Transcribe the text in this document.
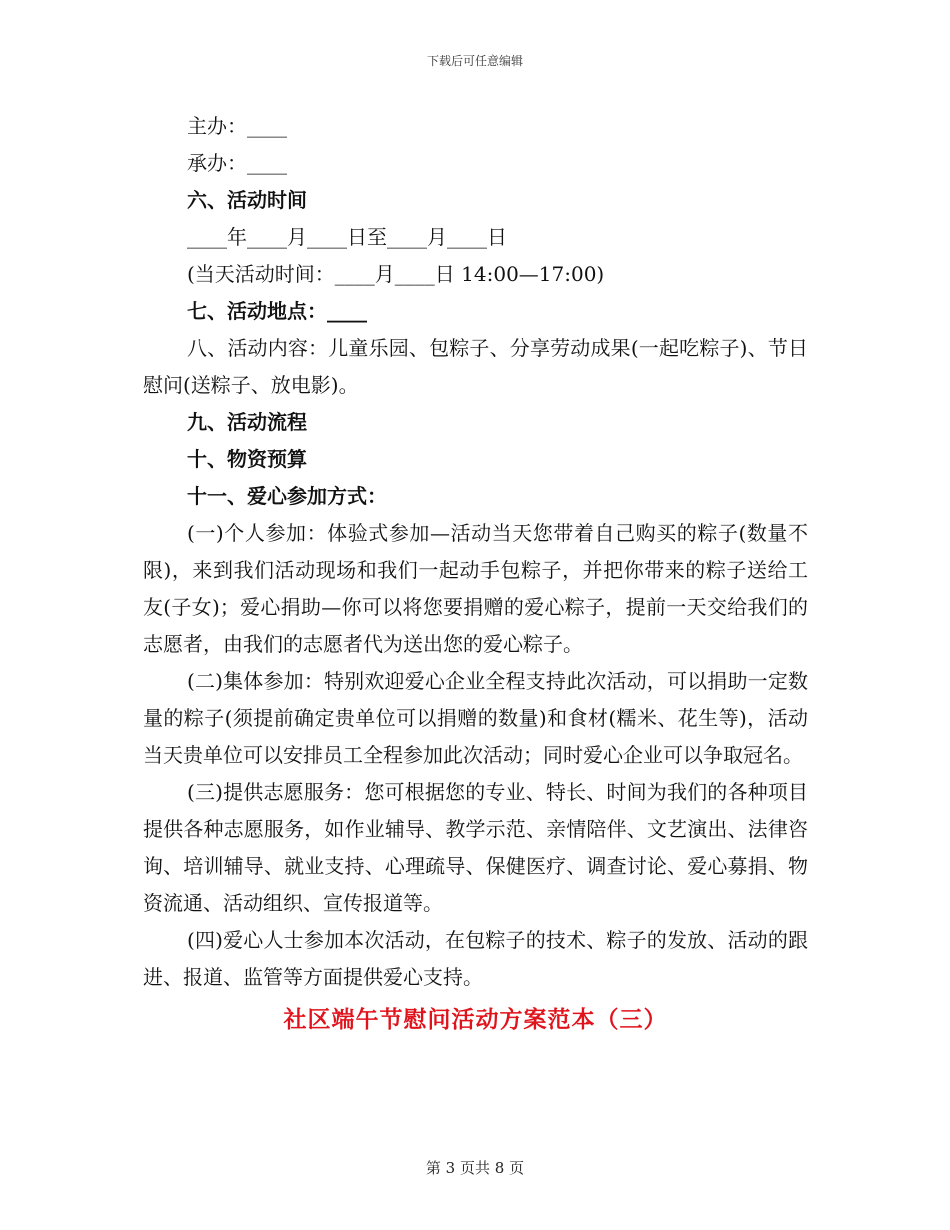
下载后可任意编辑
主办：____
承办：____
六、活动时间
____年____月____日至____月____日
(当天活动时间：____月____日 14:00—17:00)
七、活动地点：____
八、活动内容：儿童乐园、包粽子、分享劳动成果(一起吃粽子)、节日慰问(送粽子、放电影)。
九、活动流程
十、物资预算
十一、爱心参加方式：
(一)个人参加：体验式参加—活动当天您带着自己购买的粽子(数量不限)，来到我们活动现场和我们一起动手包粽子，并把你带来的粽子送给工友(子女)；爱心捐助—你可以将您要捐赠的爱心粽子，提前一天交给我们的志愿者，由我们的志愿者代为送出您的爱心粽子。
(二)集体参加：特别欢迎爱心企业全程支持此次活动，可以捐助一定数量的粽子(须提前确定贵单位可以捐赠的数量)和食材(糯米、花生等)，活动当天贵单位可以安排员工全程参加此次活动；同时爱心企业可以争取冠名。
(三)提供志愿服务：您可根据您的专业、特长、时间为我们的各种项目提供各种志愿服务，如作业辅导、教学示范、亲情陪伴、文艺演出、法律咨询、培训辅导、就业支持、心理疏导、保健医疗、调查讨论、爱心募捐、物资流通、活动组织、宣传报道等。
(四)爱心人士参加本次活动，在包粽子的技术、粽子的发放、活动的跟进、报道、监管等方面提供爱心支持。
社区端午节慰问活动方案范本（三）
第 3 页共 8 页
